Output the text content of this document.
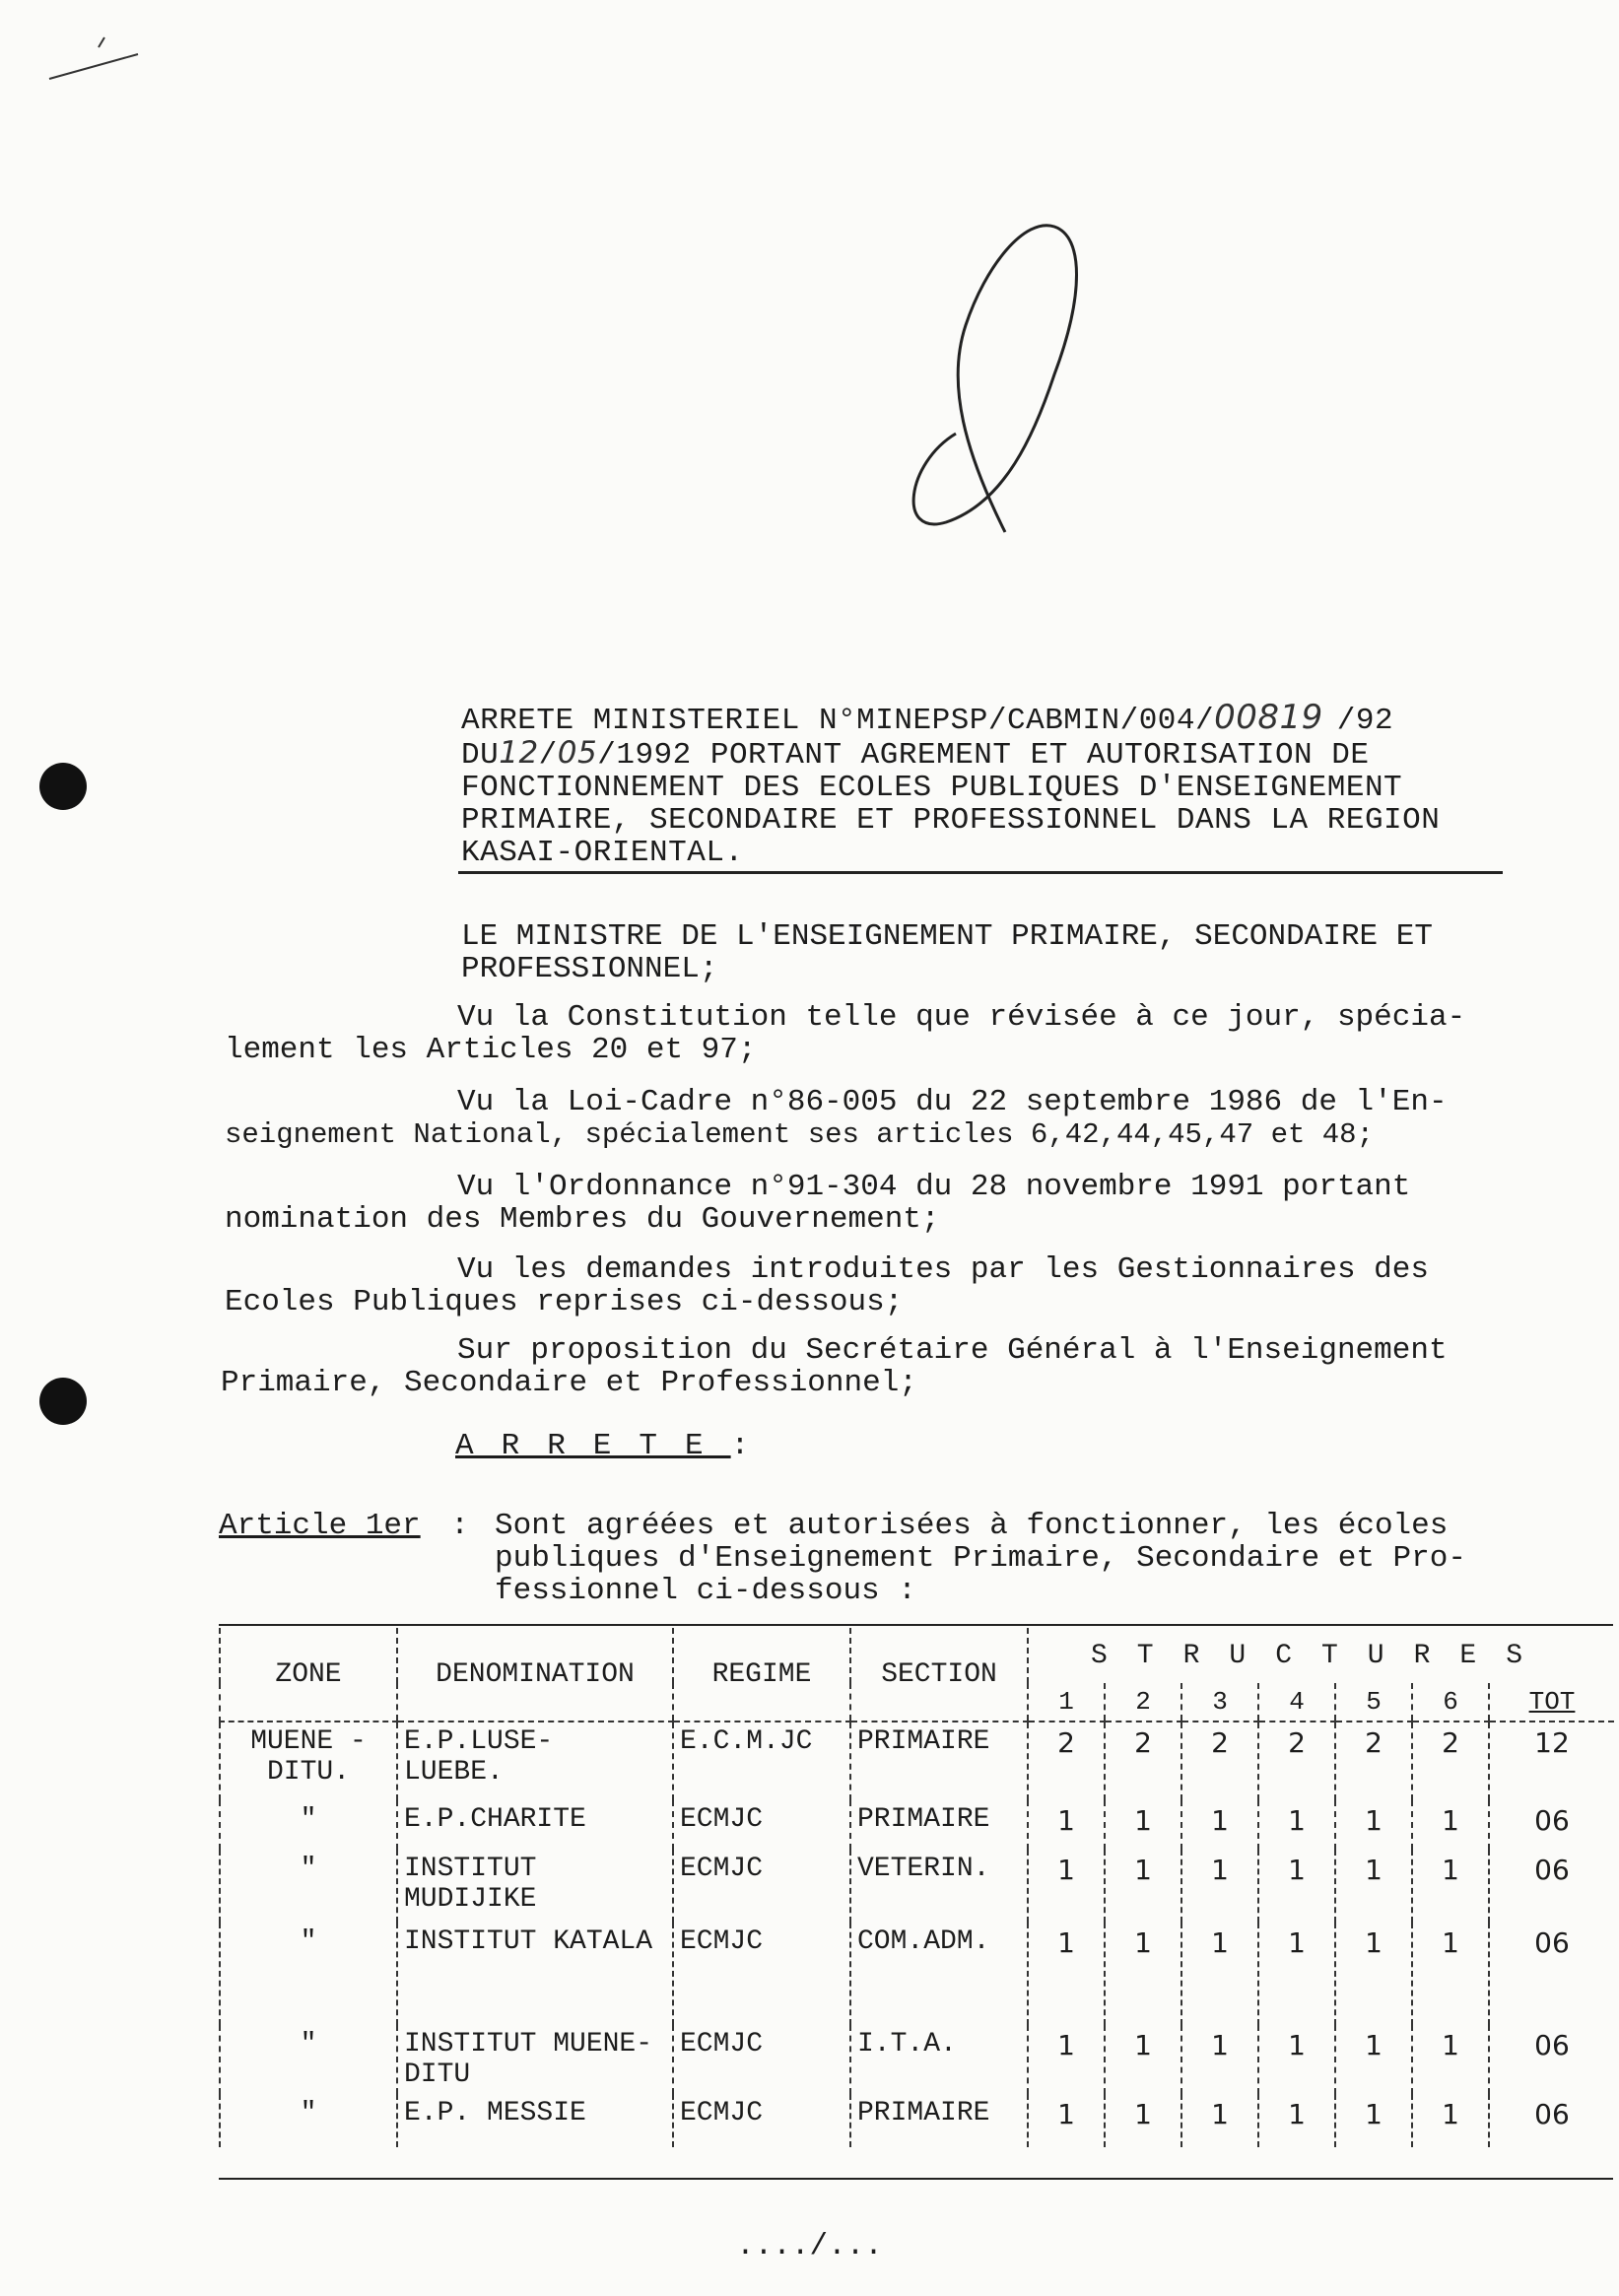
ARRETE MINISTERIEL N°MINEPSP/CABMIN/004/00819 /92
DU12/05/1992 PORTANT AGREMENT ET AUTORISATION DE
FONCTIONNEMENT DES ECOLES PUBLIQUES D'ENSEIGNEMENT
PRIMAIRE, SECONDAIRE ET PROFESSIONNEL DANS LA REGION
KASAI-ORIENTAL.
LE MINISTRE DE L'ENSEIGNEMENT PRIMAIRE, SECONDAIRE ET
PROFESSIONNEL;
Vu la Constitution telle que révisée à ce jour, spécia-
lement les Articles 20 et 97;
Vu la Loi-Cadre n°86-005 du 22 septembre 1986 de l'En-
seignement National, spécialement ses articles 6,42,44,45,47 et 48;
Vu l'Ordonnance n°91-304 du 28 novembre 1991 portant
nomination des Membres du Gouvernement;
Vu les demandes introduites par les Gestionnaires des
Ecoles Publiques reprises ci-dessous;
Sur proposition du Secrétaire Général à l'Enseignement
Primaire, Secondaire et Professionnel;
ARRETE:
Article 1er : Sont agréées et autorisées à fonctionner, les écoles
publiques d'Enseignement Primaire, Secondaire et Pro-
fessionnel ci-dessous :
ZONE	DENOMINATION	REGIME	SECTION	STRUCTURES						
				1	2	3	4	5	6	TOT
MUENE - DITU.	E.P.LUSE- LUEBE.	E.C.M.JC	PRIMAIRE	2	2	2	2	2	2	12
"	E.P.CHARITE	ECMJC	PRIMAIRE	1	1	1	1	1	1	06
"	INSTITUT MUDIJIKE	ECMJC	VETERIN.	1	1	1	1	1	1	06
"	INSTITUT KATALA	ECMJC	COM.ADM.	1	1	1	1	1	1	06
"	INSTITUT MUENE-DITU	ECMJC	I.T.A.	1	1	1	1	1	1	06
"	E.P. MESSIE	ECMJC	PRIMAIRE	1	1	1	1	1	1	06
..../...
